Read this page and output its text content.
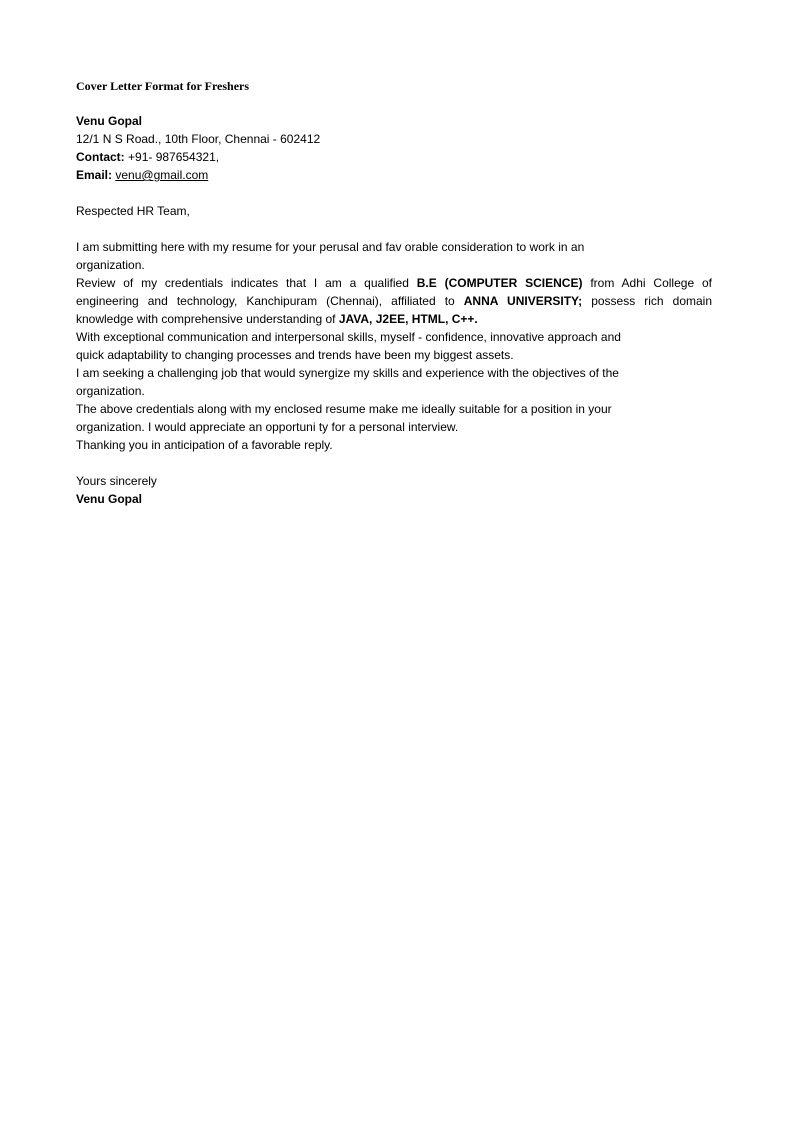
Cover Letter Format for Freshers
Venu Gopal
12/1 N S Road., 10th Floor, Chennai - 602412
Contact: +91- 987654321,
Email: venu@gmail.com
Respected HR Team,
I am submitting here with my resume for your perusal and fav orable consideration to work in an
organization.
Review of my credentials indicates that I am a qualified B.E (COMPUTER SCIENCE) from Adhi College of
engineering and technology, Kanchipuram (Chennai), affiliated to ANNA UNIVERSITY; possess rich domain
knowledge with comprehensive understanding of JAVA, J2EE, HTML, C++.
With exceptional communication and interpersonal skills, myself - confidence, innovative approach and
quick adaptability to changing processes and trends have been my biggest assets.
I am seeking a challenging job that would synergize my skills and experience with the objectives of the
organization.
The above credentials along with my enclosed resume make me ideally suitable for a position in your
organization. I would appreciate an opportuni ty for a personal interview.
Thanking you in anticipation of a favorable reply.
Yours sincerely
Venu Gopal
